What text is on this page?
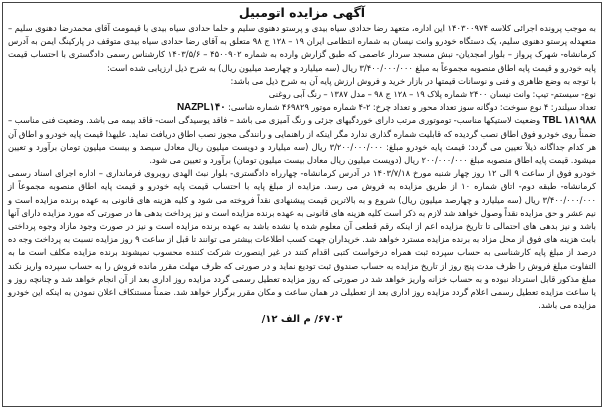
آگهی مزایده اتومبیل

به موجب پرونده اجرائی کلاسه ۱۴۰۳۰۰۹۷۴ این اداره، متعهد رضا حدادی سیاه بیدی و پرستو دهنوی سلیم و حلما حدادی سیاه بیدی با قیمومت آقای محمدرضا دهنوی سلیم – متعهدله پرستو دهنوی سلیم، یک دستگاه خودرو وانت نیسان به شماره انتظامی ایران ۱۹ – ۱۲۸ ج ۹۸ متعلق به آقای رضا حدادی سیاه بیدی متوقف در پارکینگ ایمن به آدرس کرمانشاه- شهرک پرواز – بلوار امجدیان- نبش مسجد سردار عاصمی که طبق گزارش وارده به شماره ۴۵۰۰۹۰۲ – ۱۴۰۳/۵/۶ کارشناس رسمی دادگستری با احتساب قیمت پایه خودرو و قیمت پایه اطاق منصوبه مجموعاً به مبلغ ۳/۴۰۰/۰۰۰/۰۰۰ ریال (سه میلیارد و چهارصد میلیون ریال) به شرح ذیل ارزیابی شده است:

با توجه به وضع ظاهری و فنی و نوسانات قیمتها در بازار خرید و فروش ارزش پایه آن به شرح ذیل می باشد:

نوع- سیستم- تیپ: وانت نیسان ۲۴۰۰ شماره پلاک ۱۹ – ۱۲۸ ج ۹۸ – مدل ۱۳۸۷ – رنگ آبی روغنی

تعداد سیلندر: ۴ نوع سوخت: دوگانه سوز تعداد محور و تعداد چرخ: ۲-۴ شماره موتور ۴۶۹۸۲۹ شماره شاسی: NAZPL۱۴۰

TBL ۱۸۱۹۸۸ وضعیت لاستیکها مناسب- توموتوری مرتب دارای خوردگیهای جزئی و رنگ آمیزی می باشد – فاقد یوسیدگی است- فاقد بیمه می باشد. وضعیت فنی مناسب – ضمناً روی خودرو فوق اطاق نصب گردیده که قابلیت شماره گذاری ندارد مگر اینکه از راهنمایی و رانندگی مجوز نصب اطاق دریافت نماید. علیهذا قیمت پایه خودرو و اطاق آن هر کدام جداگانه ذیلاً تعیین می گردد: قیمت پایه خودرو مبلغ: ۳/۲۰۰/۰۰۰/۰۰۰ ریال (سه میلیارد و دویست میلیون ریال معادل سیصد و بیست میلیون تومان برآورد و تعیین میشود. قیمت پایه اطاق منصوبه مبلغ ۲۰۰/۰۰۰/۰۰۰ ریال (دویست میلیون ریال معادل بیست میلیون تومان) برآورد و تعیین می شود.

خودرو فوق از ساعت ۹ الی ۱۲ روز چهار شنبه مورخ ۱۴۰۳/۷/۱۸ در آدرس کرمانشاه- چهارراه دادگستری- بلوار نبث الهدی روبروی فرمانداری – اداره اجرای اسناد رسمی کرمانشاه- طبقه دوم- اتاق شماره ۱۰ از طریق مزایده به فروش می رسد. مزایده از مبلغ پایه با احتساب قیمت پایه خودرو و قیمت پایه اطاق منصوبه مجموعاً از ۳/۴۰۰/۰۰۰/۰۰۰ ریال (سه میلیارد و چهارصد میلیون ریال) شروع و به بالاترین قیمت پیشنهادی نقداً فروخته می شود و کلیه هزینه های قانونی به عهده برنده مزایده است و نیم عشر و حق مزایده نقداً وصول خواهد شد لازم به ذکر است کلیه هزینه های قانونی به عهده برنده مزایده است و نیز پرداخت بدهی ها در صورتی که مورد مزایده دارای آنها باشد و نیز بدهی های احتمالی تا تاریخ مزایده اعم از اینکه رقم قطعی آن معلوم شده یا نشده باشد به عهده برنده مزایده است و نیز در صورت وجود مازاد وجوه پرداختی بابت هزینه های فوق از محل مزاد به برنده مزایده مسترد خواهد شد. خریداران جهت کسب اطلاعات بیشتر می توانند تا قبل از ساعت ۹ روز مزایده نسبت به پرداخت وجه ده درصد از مبلغ پایه کارشناسی به حساب سپرده ثبت همراه درخواست کتبی اقدام کنند در غیر اینصورت شرکت کننده محسوب نمیشوند برنده مزایده مکلف است ما به التفاوت مبلغ فروش را ظرف مدت پنج روز از تاریخ مزایده به حساب صندوق ثبت تودیع نماید و در صورتی که ظرف مهلت مقرر مانده فروش را به حساب سپرده واریز نکند مبلغ مذکور قابل استرداد نبوده و به حساب خزانه واریز خواهد شد در صورتی که روز مزایده تعطیل رسمی گردد مزایده روز اداری بعد از آن انجام خواهد شد و چنانچه روز و یا ساعت مزایده تعطیل رسمی اعلام گردد مزایده روز اداری بعد از تعطیلی در همان ساعت و مکان مقرر برگزار خواهد شد. ضمناً مستنکاف اعلان نمودن به اینکه این خودرو مزایده می باشد.

۶۷۰۳/ م الف ۱۲/
